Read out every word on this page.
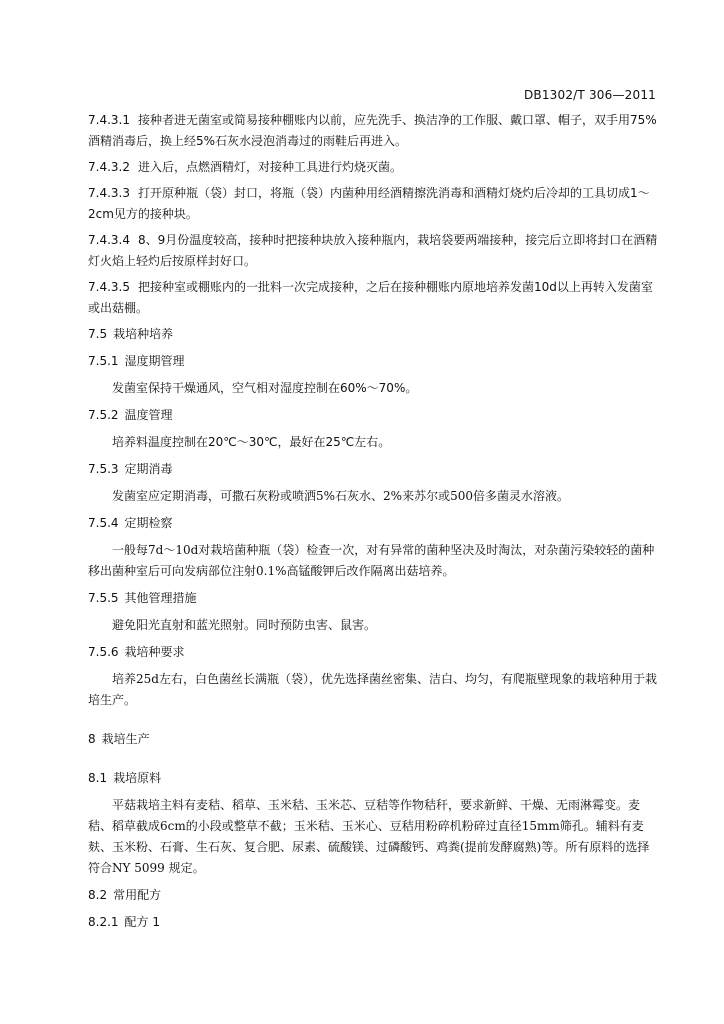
DB1302/T 306—2011

7.4.3.1 接种者进无菌室或简易接种棚账内以前，应先洗手、换洁净的工作服、戴口罩、帽子，双手用75%酒精消毒后，换上经5%石灰水浸泡消毒过的雨鞋后再进入。

7.4.3.2 进入后，点燃酒精灯，对接种工具进行灼烧灭菌。

7.4.3.3 打开原种瓶（袋）封口，将瓶（袋）内菌种用经酒精擦洗消毒和酒精灯烧灼后冷却的工具切成1～2cm见方的接种块。

7.4.3.4 8、9月份温度较高，接种时把接种块放入接种瓶内，栽培袋要两端接种，接完后立即将封口在酒精灯火焰上轻灼后按原样封好口。

7.4.3.5 把接种室或棚账内的一批料一次完成接种，之后在接种棚账内原地培养发菌10d以上再转入发菌室或出菇棚。

7.5 栽培种培养

7.5.1 湿度期管理

发菌室保持干燥通风，空气相对湿度控制在60%～70%。

7.5.2 温度管理

培养料温度控制在20℃～30℃，最好在25℃左右。

7.5.3 定期消毒

发菌室应定期消毒，可撒石灰粉或喷洒5%石灰水、2%来苏尔或500倍多菌灵水溶液。

7.5.4 定期检察

一般每7d～10d对栽培菌种瓶（袋）检查一次，对有异常的菌种坚决及时淘汰，对杂菌污染较轻的菌种移出菌种室后可向发病部位注射0.1%高锰酸钾后改作隔离出菇培养。

7.5.5 其他管理措施

避免阳光直射和蓝光照射。同时预防虫害、鼠害。

7.5.6 栽培种要求

培养25d左右，白色菌丝长满瓶（袋），优先选择菌丝密集、洁白、均匀，有爬瓶壁现象的栽培种用于栽培生产。

8 栽培生产

8.1 栽培原料

平菇栽培主料有麦秸、稻草、玉米秸、玉米芯、豆秸等作物秸秆，要求新鲜、干燥、无雨淋霉变。麦秸、稻草截成6cm的小段或整草不截；玉米秸、玉米心、豆秸用粉碎机粉碎过直径15mm筛孔。辅料有麦麸、玉米粉、石膏、生石灰、复合肥、尿素、硫酸镁、过磷酸钙、鸡粪(提前发酵腐熟)等。所有原料的选择符合NY 5099 规定。

8.2 常用配方

8.2.1 配方 1
